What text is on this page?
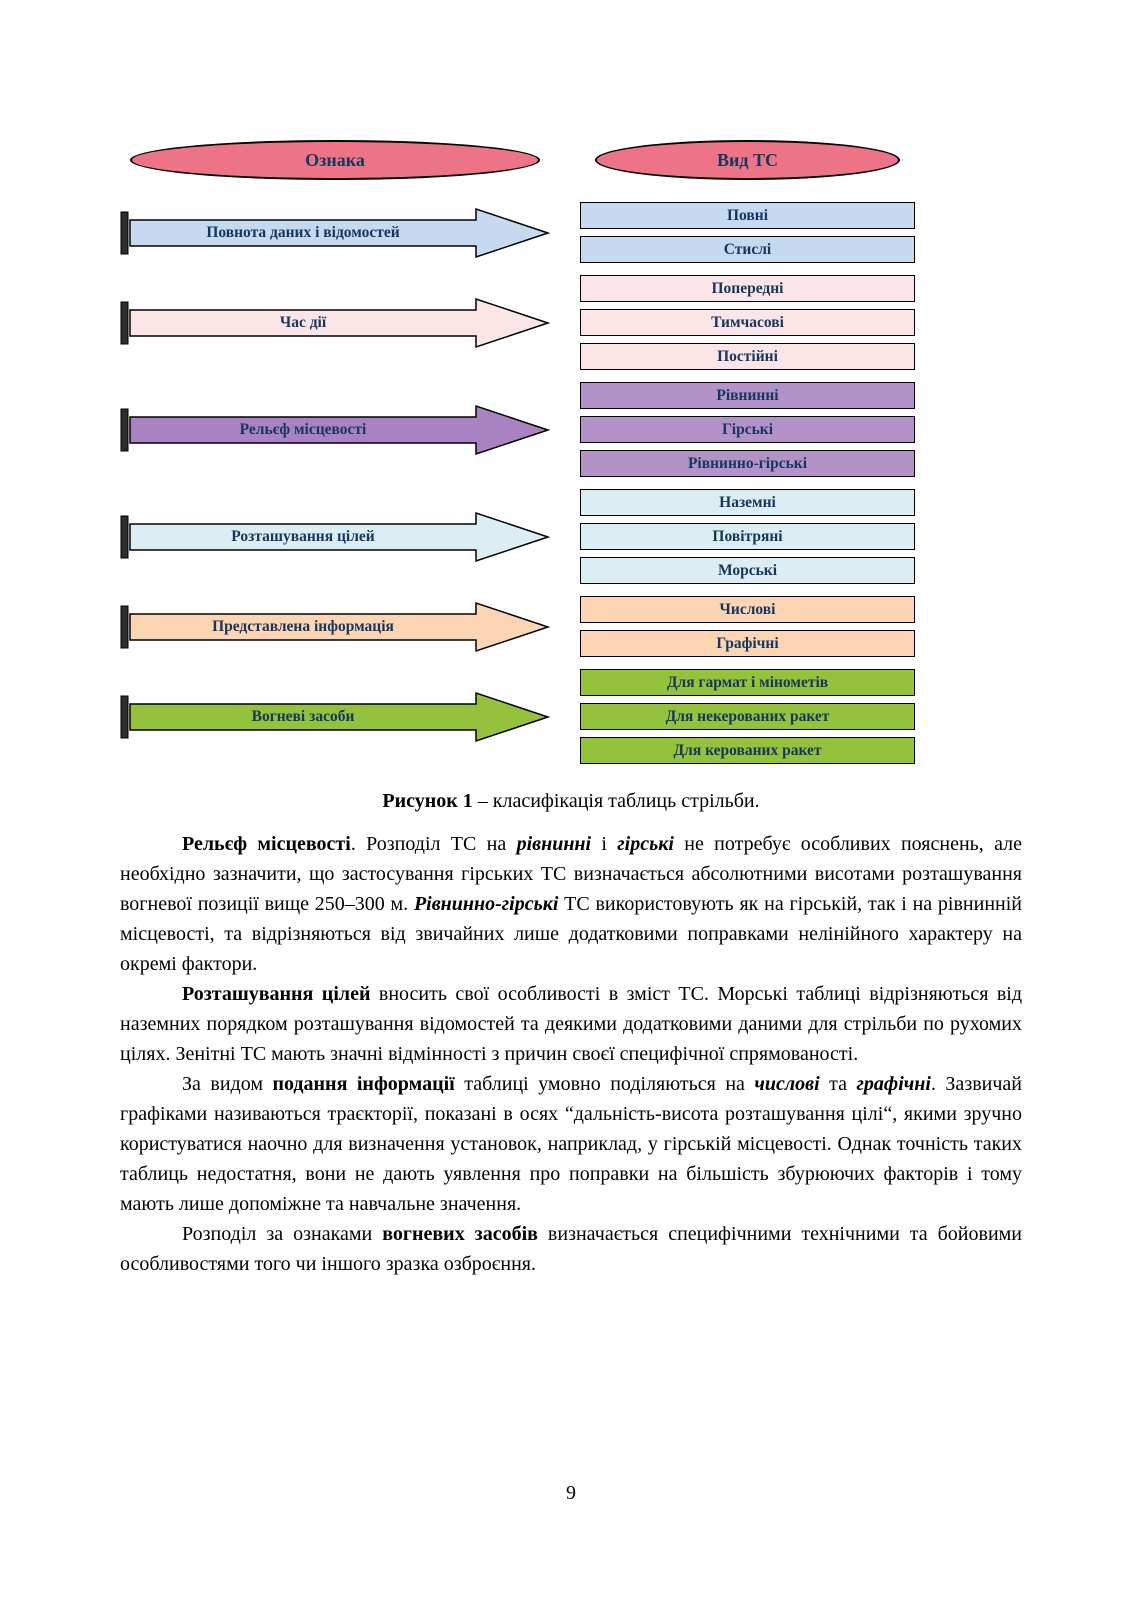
Ознака	Вид ТС
Повнота даних і відомостей
Повні
Стислі
Час дії
Попередні
Тимчасові
Постійні
Рельєф місцевості
Рівнинні
Гірські
Рівнинно-гірські
Розташування цілей
Наземні
Повітряні
Морські
Представлена інформація
Числові
Графічні
Вогневі засоби
Для гармат і мінометів
Для некерованих ракет
Для керованих ракет

Рисунок 1 – класифікація таблиць стрільби.

Рельєф місцевості. Розподіл ТС на рівнинні і гірські не потребує особливих пояснень, але необхідно зазначити, що застосування гірських ТС визначається абсолютними висотами розташування вогневої позиції вище 250–300 м. Рівнинно-гірські ТС використовують як на гірській, так і на рівнинній місцевості, та відрізняються від звичайних лише додатковими поправками нелінійного характеру на окремі фактори.

Розташування цілей вносить свої особливості в зміст ТС. Морські таблиці відрізняються від наземних порядком розташування відомостей та деякими додатковими даними для стрільби по рухомих цілях. Зенітні ТС мають значні відмінності з причин своєї специфічної спрямованості.

За видом подання інформації таблиці умовно поділяються на числові та графічні. Зазвичай графіками називаються траєкторії, показані в осях “дальність-висота розташування цілі“, якими зручно користуватися наочно для визначення установок, наприклад, у гірській місцевості. Однак точність таких таблиць недостатня, вони не дають уявлення про поправки на більшість збурюючих факторів і тому мають лише допоміжне та навчальне значення.

Розподіл за ознаками вогневих засобів визначається специфічними технічними та бойовими особливостями того чи іншого зразка озброєння.

9
